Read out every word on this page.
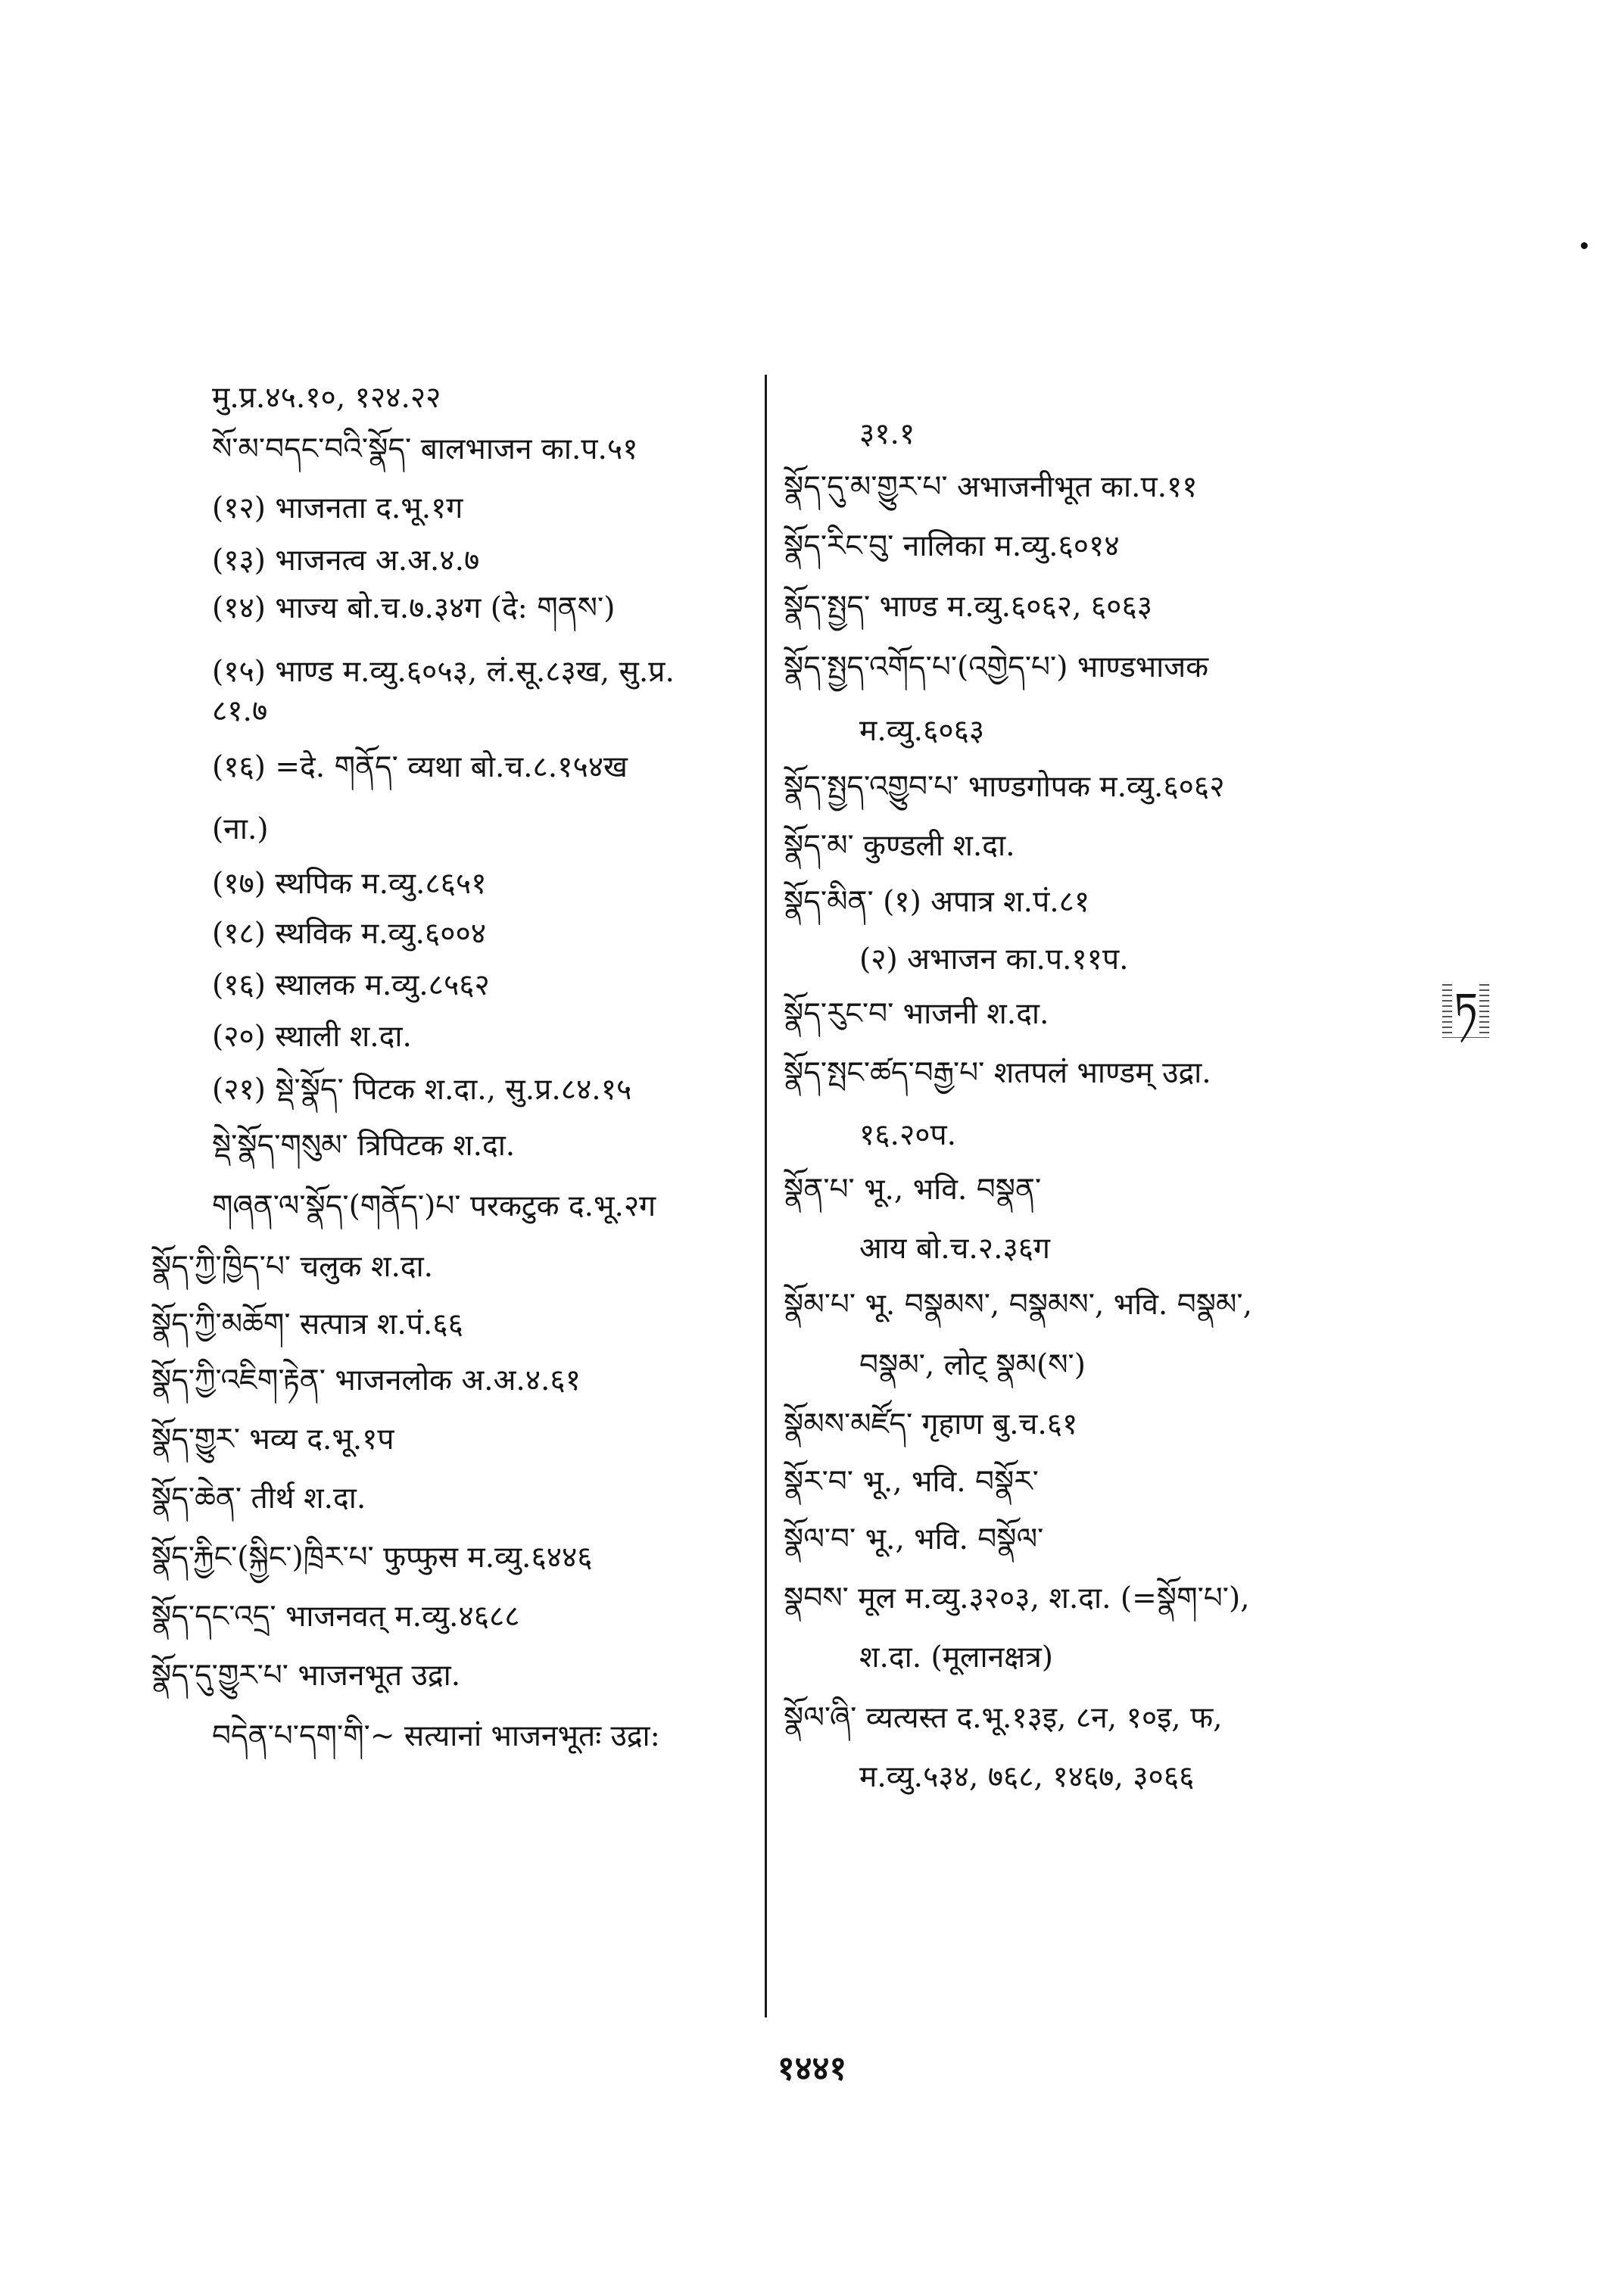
मु.प्र.४५.१०, १२४.२२
སོ་མ་བདང་བའི་སྣོད་ बालभाजन का.प.५१
(१२) भाजनता द.भू.१ग
(१३) भाजनत्व अ.अ.४.७
(१४) भाज्य बो.च.७.३४ग (दे: གནས་)
(१५) भाण्ड म.व्यु.६०५३, लं.सू.८३ख, सु.प्र.
८१.७
(१६) =दे. གནོད་ व्यथा बो.च.८.१५४ख
(ना.)
(१७) स्थपिक म.व्यु.८६५१
(१८) स्थविक म.व्यु.६००४
(१६) स्थालक म.व्यु.८५६२
(२०) स्थाली श.दा.
(२१) སྡེ་སྣོད་ पिटक श.दा., सु.प्र.८४.१५
སྡེ་སྣོད་གསུམ་ त्रिपिटक श.दा.
གཞན་ལ་སྣོད་(གནོད་)པ་ परकटुक द.भू.२ग
སྣོད་ཀྱི་ཁྱིད་པ་ चलुक श.दा.
སྣོད་ཀྱི་མཆོག་ सत्पात्र श.पं.६६
སྣོད་ཀྱི་འཇིག་རྟེན་ भाजनलोक अ.अ.४.६१
སྣོད་གྱུར་ भव्य द.भू.१प
སྣོད་ཆེན་ तीर्थ श.दा.
སྣོད་རྐྱིང་(སྐྱིང་)ཁྲིར་པ་ फुप्फुस म.व्यु.६४४६
སྣོད་དང་འདྲ་ भाजनवत् म.व्यु.४६८८
སྣོད་དུ་གྱུར་པ་ भाजनभूत उद्रा.
བདེན་པ་དག་གི་~ सत्यानां भाजनभूतः उद्रा:
३१.१
སྣོད་དུ་མ་གྱུར་པ་ अभाजनीभूत का.प.११
སྣོད་རིང་བུ་ नालिका म.व्यु.६०१४
སྣོད་སྤྱད་ भाण्ड म.व्यु.६०६२, ६०६३
སྣོད་སྤྱད་འགོད་པ་(འགྱེད་པ་) भाण्डभाजक
म.व्यु.६०६३
སྣོད་སྤྱད་འགྱུབ་པ་ भाण्डगोपक म.व्यु.६०६२
སྣོད་མ་ कुण्डली श.दा.
སྣོད་མིན་ (१) अपात्र श.पं.८१
(२) अभाजन का.प.११प.
སྣོད་རུང་བ་ भाजनी श.दा.
སྣོད་སྤང་ཚད་བརྒྱ་པ་ शतपलं भाण्डम् उद्रा.
१६.२०प.
སྣོན་པ་ भू., भवि. བསྣན་
आय बो.च.२.३६ग
སྣོམ་པ་ भू. བསྣམས་, བསྣམས་, भवि. བསྣམ་,
བསྣམ་, लोट् སྣམ(ས་)
སྣོམས་མཛོད་ गृहाण बु.च.६१
སྣོར་བ་ भू., भवि. བསྣོར་
སྣོལ་བ་ भू., भवि. བསྣོལ་
སྣབས་ मूल म.व्यु.३२०३, श.दा. (=སྣོག་པ་),
श.दा. (मूलानक्षत्र)
སྣོལ་ཞི་ व्यत्यस्त द.भू.१३इ, ८न, १०इ, फ,
म.व्यु.५३४, ७६८, १४६७, ३०६६
ཏ
१४४१
